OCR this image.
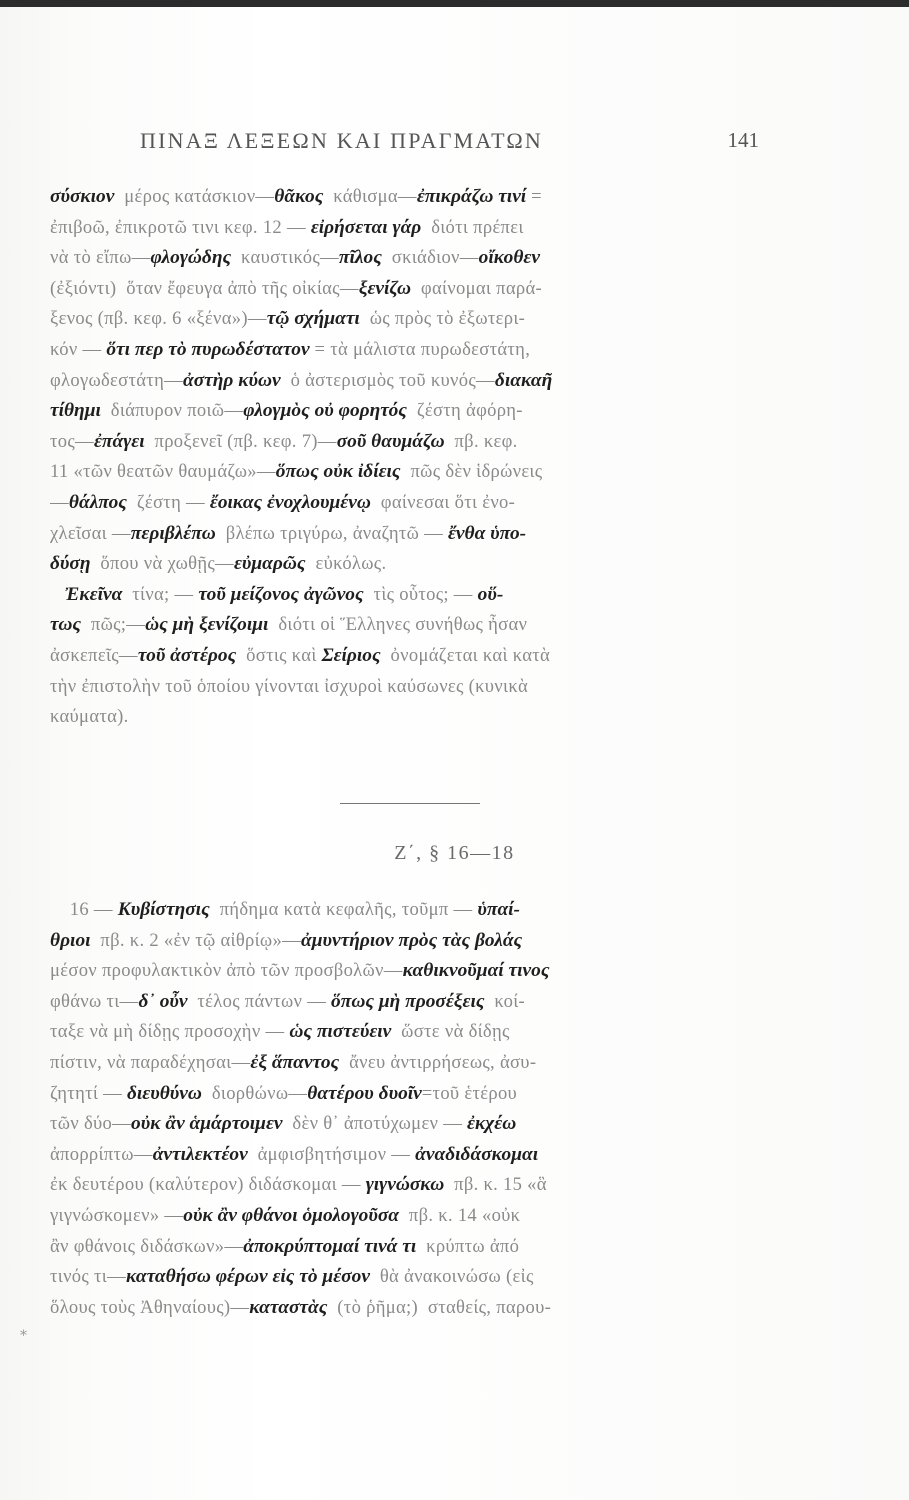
ΠΙΝΑΞ ΛΕΞΕΩΝ ΚΑΙ ΠΡΑΓΜΑΤΩΝ	141
σύσκιον  μέρος κατάσκιον—θᾶκος  κάθισμα—ἐπικράζω τινί =
ἐπιβοῶ, ἐπικροτῶ τινι κεφ. 12 — εἰρήσεται γάρ  διότι πρέπει
νὰ τὸ εἴπω—φλογώδης  καυστικός—πῖλος  σκιάδιον—οἴκοθεν
(ἐξιόντι)  ὅταν ἔφευγα ἀπὸ τῆς οἰκίας—ξενίζω  φαίνομαι παρά-
ξενος (πβ. κεφ. 6 «ξένα»)—τῷ σχήματι  ὡς πρὸς τὸ ἐξωτερι-
κόν — ὅτι περ τὸ πυρωδέστατον = τὰ μάλιστα πυρωδεστάτη,
φλογωδεστάτη—ἀστὴρ κύων  ὁ ἀστερισμὸς τοῦ κυνός—διακαῆ
τίθημι  διάπυρον ποιῶ—φλογμὸς οὐ φορητός  ζέστη ἀφόρη-
τος—ἐπάγει  προξενεῖ (πβ. κεφ. 7)—σοῦ θαυμάζω  πβ. κεφ.
11 «τῶν θεατῶν θαυμάζω»—ὅπως οὐκ ἰδίεις  πῶς δὲν ἱδρώνεις
—θάλπος  ζέστη — ἔοικας ἐνοχλουμένῳ  φαίνεσαι ὅτι ἐνο-
χλεῖσαι —περιβλέπω  βλέπω τριγύρω, ἀναζητῶ — ἔνθα ὑπο-
δύσῃ  ὅπου νὰ χωθῇς—εὐμαρῶς  εὐκόλως.
Ἐκεῖνα  τίνα; — τοῦ μείζονος ἀγῶνος  τὶς οὗτος; — οὕ-
τως  πῶς;—ὡς μὴ ξενίζοιμι  διότι οἱ Ἕλληνες συνήθως ἦσαν
ἀσκεπεῖς—τοῦ ἀστέρος  ὅστις καὶ Σείριος  ὀνομάζεται καὶ κατὰ
τὴν ἐπιστολὴν τοῦ ὁποίου γίνονται ἰσχυροὶ καύσωνες (κυνικὰ
καύματα).
Ζ΄, § 16—18
16 — Κυβίστησις  πήδημα κατὰ κεφαλῆς, τοῦμπ — ὑπαί-
θριοι  πβ. κ. 2 «ἐν τῷ αἰθρίῳ»—ἀμυντήριον πρὸς τὰς βολάς
μέσον προφυλακτικὸν ἀπὸ τῶν προσβολῶν—καθικνοῦμαί τινος
φθάνω τι—δ᾿ οὖν  τέλος πάντων — ὅπως μὴ προσέξεις  κοί-
ταξε νὰ μὴ δίδῃς προσοχὴν — ὡς πιστεύειν  ὥστε νὰ δίδῃς
πίστιν, νὰ παραδέχησαι—ἐξ ἅπαντος  ἄνευ ἀντιρρήσεως, ἀσυ-
ζητητί — διευθύνω  διορθώνω—θατέρου δυοῖν=τοῦ ἑτέρου
τῶν δύο—οὐκ ἂν ἁμάρτοιμεν  δὲν θ᾿ ἀποτύχωμεν — ἐκχέω
ἀπορρίπτω—ἀντιλεκτέον  ἀμφισβητήσιμον — ἀναδιδάσκομαι
ἐκ δευτέρου (καλύτερον) διδάσκομαι — γιγνώσκω  πβ. κ. 15 «ἃ
γιγνώσκομεν» —οὐκ ἂν φθάνοι ὁμολογοῦσα  πβ. κ. 14 «οὐκ
ἂν φθάνοις διδάσκων»—ἀποκρύπτομαί τινά τι  κρύπτω ἀπό
τινός τι—καταθήσω φέρων εἰς τὸ μέσον  θὰ ἀνακοινώσω (εἰς
ὅλους τοὺς Ἀθηναίους)—καταστὰς  (τὸ ῥῆμα;)  σταθείς, παρου-
*
